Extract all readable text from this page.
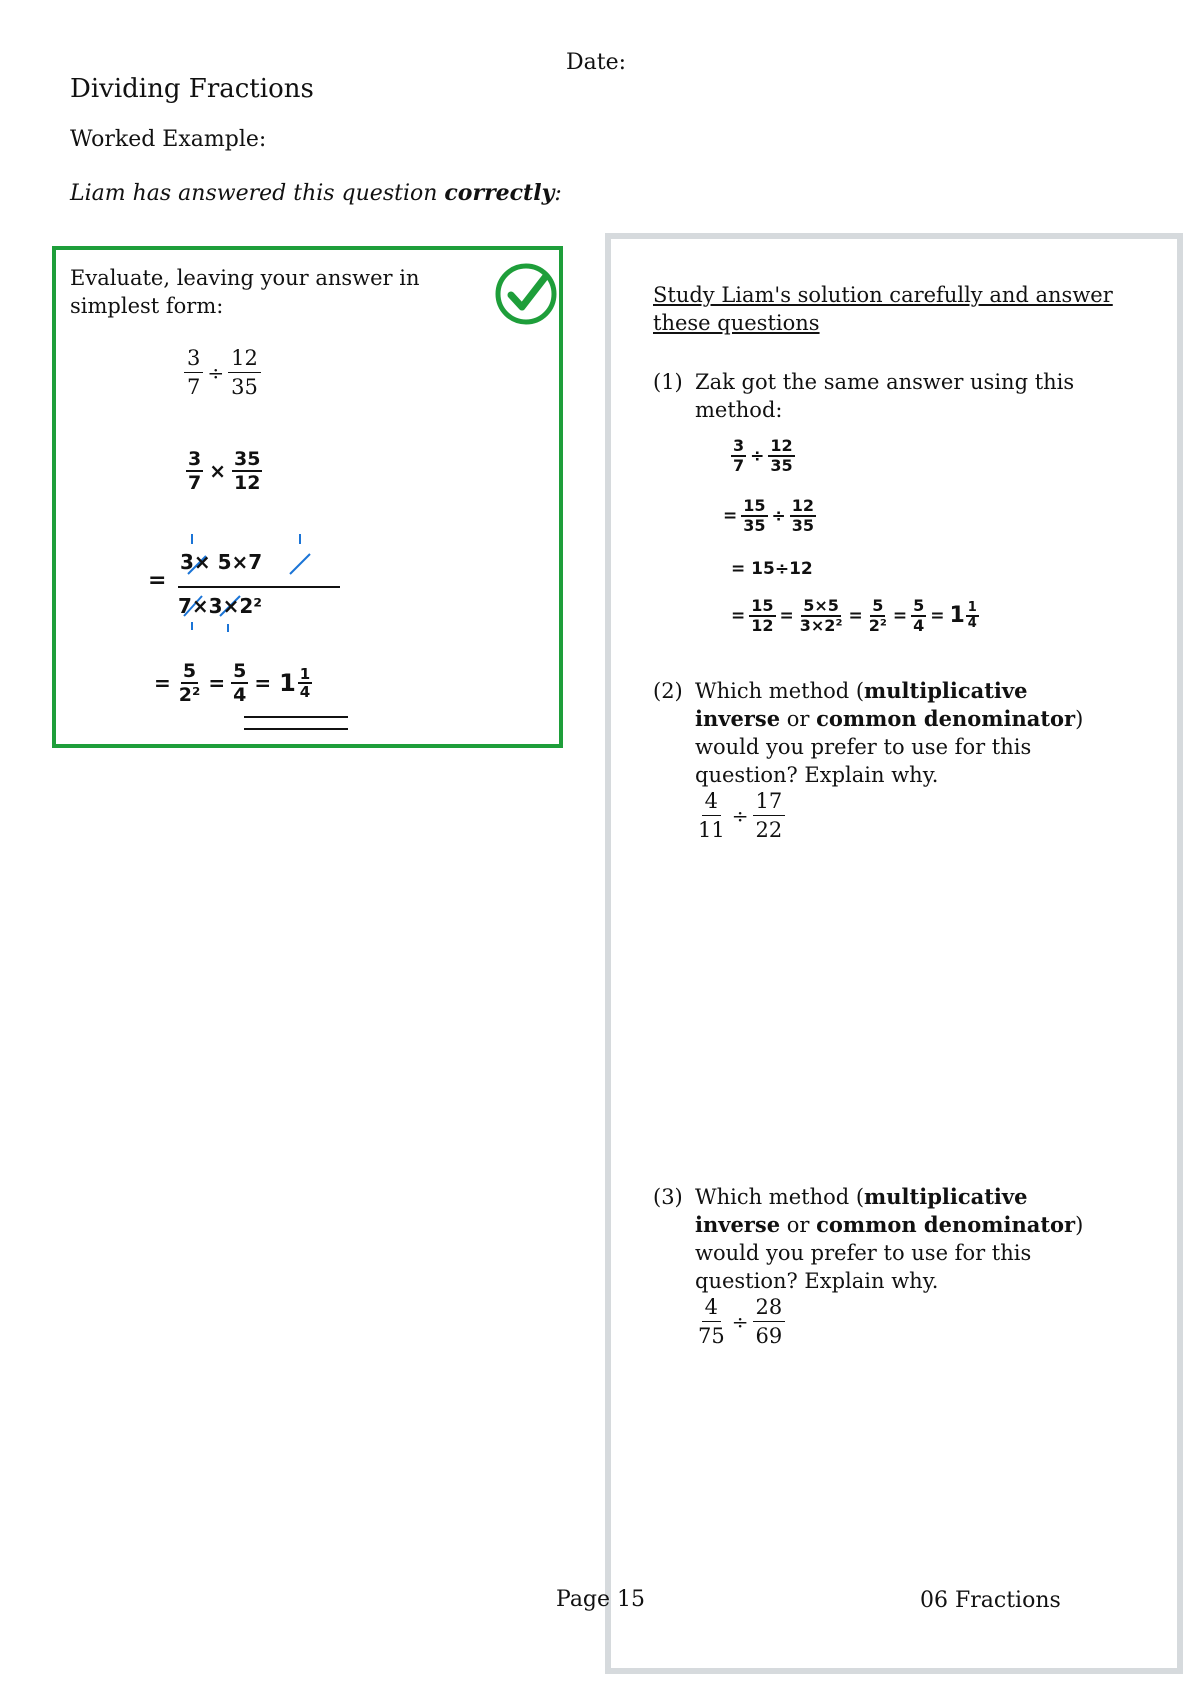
Date:
Dividing Fractions
Worked Example:
Liam has answered this question correctly:
Evaluate, leaving your answer in simplest form:
$\frac{3}{7} \div \frac{12}{35}$
$\frac{3}{7} \times \frac{35}{12}$
=
3× 5×7
7×3×2²
= $\frac{5}{\text{2²}} = \frac{5}{4} = 1 \frac{1}{4}$
Study Liam's solution carefully and answer these questions
(1) Zak got the same answer using this method:
$\frac{3}{7} \div \frac{12}{35}$
= $\frac{15}{35} \div \frac{12}{35}$
= 15÷12
= $\frac{15}{12} = \frac{5\times 5}{\text{3×2²}} = \frac{5}{\text{2²}} = \frac{5}{4} = 1 \frac{1}{4}$
(2) Which method (multiplicative inverse or common denominator) would you prefer to use for this question? Explain why.
$\frac{4}{11} \div \frac{17}{22}$
(3) Which method (multiplicative inverse or common denominator) would you prefer to use for this question? Explain why.
$\frac{4}{75} \div \frac{28}{69}$
Page 15	06 Fractions
